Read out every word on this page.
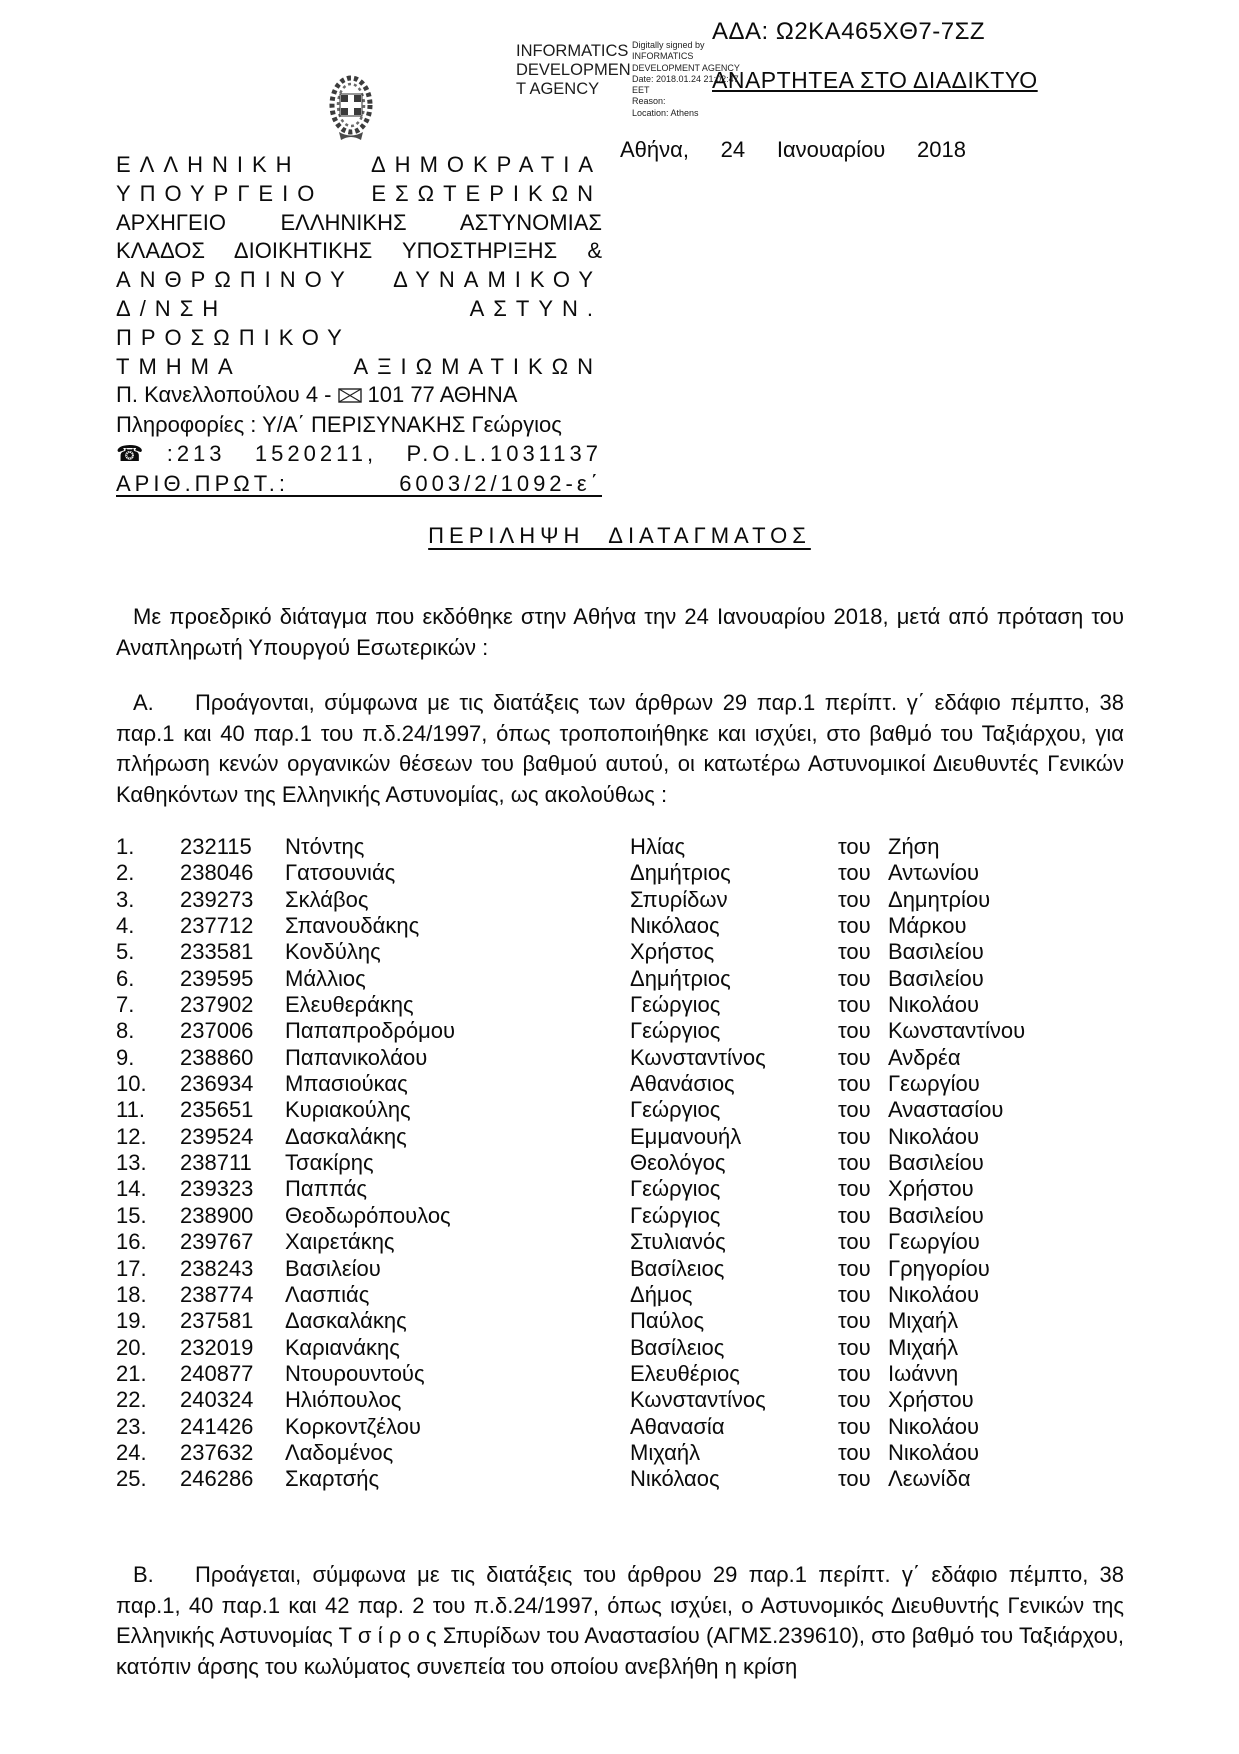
ΑΔΑ: Ω2ΚΑ465ΧΘ7-7ΣΖ
INFORMATICS
DEVELOPMEN
T AGENCY
Digitally signed by
INFORMATICS
DEVELOPMENT AGENCY
Date: 2018.01.24 21:02:47
EET
Reason:
Location: Athens
ΑΝΑΡΤΗΤΕΑ ΣΤΟ ΔΙΑΔΙΚΤΥΟ
ΕΛΛΗΝΙΚΗ ΔΗΜΟΚΡΑΤΙΑ
ΥΠΟΥΡΓΕΙΟ ΕΣΩΤΕΡΙΚΩΝ
ΑΡΧΗΓΕΙΟ ΕΛΛΗΝΙΚΗΣ ΑΣΤΥΝΟΜΙΑΣ
ΚΛΑΔΟΣ ΔΙΟΙΚΗΤΙΚΗΣ ΥΠΟΣΤΗΡΙΞΗΣ &
ΑΝΘΡΩΠΙΝΟΥ ΔΥΝΑΜΙΚΟΥ
Δ/ΝΣΗ ΑΣΤΥΝ. ΠΡΟΣΩΠΙΚΟΥ
ΤΜΗΜΑ ΑΞΙΩΜΑΤΙΚΩΝ
Π. Κανελλοπούλου 4 - 101 77 ΑΘΗΝΑ
Πληροφορίες : Υ/Α΄ ΠΕΡΙΣΥΝΑΚΗΣ Γεώργιος
☎:213 1520211, P.O.L.1031137
ΑΡΙΘ.ΠΡΩΤ.: 6003/2/1092-ε΄
Αθήνα, 24 Ιανουαρίου 2018
ΠΕΡΙΛΗΨΗ ΔΙΑΤΑΓΜΑΤΟΣ
Με προεδρικό διάταγμα που εκδόθηκε στην Αθήνα την 24 Ιανουαρίου 2018, μετά από πρόταση του Αναπληρωτή Υπουργού Εσωτερικών :
Α. Προάγονται, σύμφωνα με τις διατάξεις των άρθρων 29 παρ.1 περίπτ. γ΄ εδάφιο πέμπτο, 38 παρ.1 και 40 παρ.1 του π.δ.24/1997, όπως τροποποιήθηκε και ισχύει, στο βαθμό του Ταξιάρχου, για πλήρωση κενών οργανικών θέσεων του βαθμού αυτού, οι κατωτέρω Αστυνομικοί Διευθυντές Γενικών Καθηκόντων της Ελληνικής Αστυνομίας, ως ακολούθως :
1. 232115 Ντόντης	Ηλίας	του Ζήση
2. 238046 Γατσουνιάς	Δημήτριος	του Αντωνίου
3. 239273 Σκλάβος	Σπυρίδων	του Δημητρίου
4. 237712 Σπανουδάκης	Νικόλαος	του Μάρκου
5. 233581 Κονδύλης	Χρήστος	του Βασιλείου
6. 239595 Μάλλιος	Δημήτριος	του Βασιλείου
7. 237902 Ελευθεράκης	Γεώργιος	του Νικολάου
8. 237006 Παπαπροδρόμου	Γεώργιος	του Κωνσταντίνου
9. 238860 Παπανικολάου	Κωνσταντίνος	του Ανδρέα
10. 236934 Μπασιούκας	Αθανάσιος	του Γεωργίου
11. 235651 Κυριακούλης	Γεώργιος	του Αναστασίου
12. 239524 Δασκαλάκης	Εμμανουήλ	του Νικολάου
13. 238711 Τσακίρης	Θεολόγος	του Βασιλείου
14. 239323 Παππάς	Γεώργιος	του Χρήστου
15. 238900 Θεοδωρόπουλος	Γεώργιος	του Βασιλείου
16. 239767 Χαιρετάκης	Στυλιανός	του Γεωργίου
17. 238243 Βασιλείου	Βασίλειος	του Γρηγορίου
18. 238774 Λασπιάς	Δήμος	του Νικολάου
19. 237581 Δασκαλάκης	Παύλος	του Μιχαήλ
20. 232019 Καριανάκης	Βασίλειος	του Μιχαήλ
21. 240877 Ντουρουντούς	Ελευθέριος	του Ιωάννη
22. 240324 Ηλιόπουλος	Κωνσταντίνος	του Χρήστου
23. 241426 Κορκοντζέλου	Αθανασία	του Νικολάου
24. 237632 Λαδομένος	Μιχαήλ	του Νικολάου
25. 246286 Σκαρτσής	Νικόλαος	του Λεωνίδα
Β. Προάγεται, σύμφωνα με τις διατάξεις του άρθρου 29 παρ.1 περίπτ. γ΄ εδάφιο πέμπτο, 38 παρ.1, 40 παρ.1 και 42 παρ. 2 του π.δ.24/1997, όπως ισχύει, ο Αστυνομικός Διευθυντής Γενικών της Ελληνικής Αστυνομίας Τ σ ί ρ ο ς Σπυρίδων του Αναστασίου (ΑΓΜΣ.239610), στο βαθμό του Ταξιάρχου, κατόπιν άρσης του κωλύματος συνεπεία του οποίου ανεβλήθη η κρίση
